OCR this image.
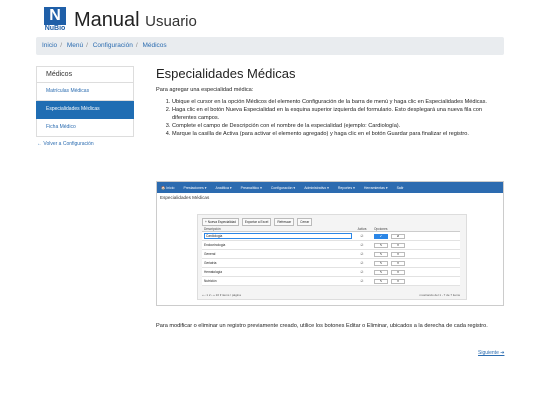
N
NuBio Manual Usuario
Inicio / Menú / Configuración / Médicos
Médicos
Matrículas Médicas
Especialidades Médicas
Ficha Médico
← Volver a Configuración
Especialidades Médicas

Para agregar una especialidad médica:

1. Ubique el cursor en la opción Médicos del elemento Configuración de la barra de menú y haga clic en Especialidades Médicas.
2. Haga clic en el botón Nueva Especialidad en la esquina superior izquierda del formulario. Esto desplegará una nueva fila con diferentes campos.
3. Complete el campo de Descripción con el nombre de la especialidad (ejemplo: Cardiología).
4. Marque la casilla de Activa (para activar el elemento agregado) y haga clic en el botón Guardar para finalizar el registro.
🏠 Inicio	Prestaciones ▾	Analítica ▾	Preanalítico ▾	Configuración ▾	Administrativo ▾	Reportes ▾	Herramientas ▾	Salir
Especialidades Médicas
+ Nueva Especialidad	Exportar a Excel	Refrescar	Cerrar
Descripción	Activa	Opciones
Cardiología	☑	✔	⊘
Endocrinología	☑	✎	✕
General	☑	✎	✕
Geriatría	☑	✎	✕
Hematología	☑	✎	✕
Nutrición	☑	✎	✕
« ‹ 1 2 › » 10 ▾ items / página	mostrando del 1 - 7 de 7 items

Para modificar o eliminar un registro previamente creado, utilice los botones Editar o Eliminar, ubicados a la derecha de cada registro.

Siguiente ➔
